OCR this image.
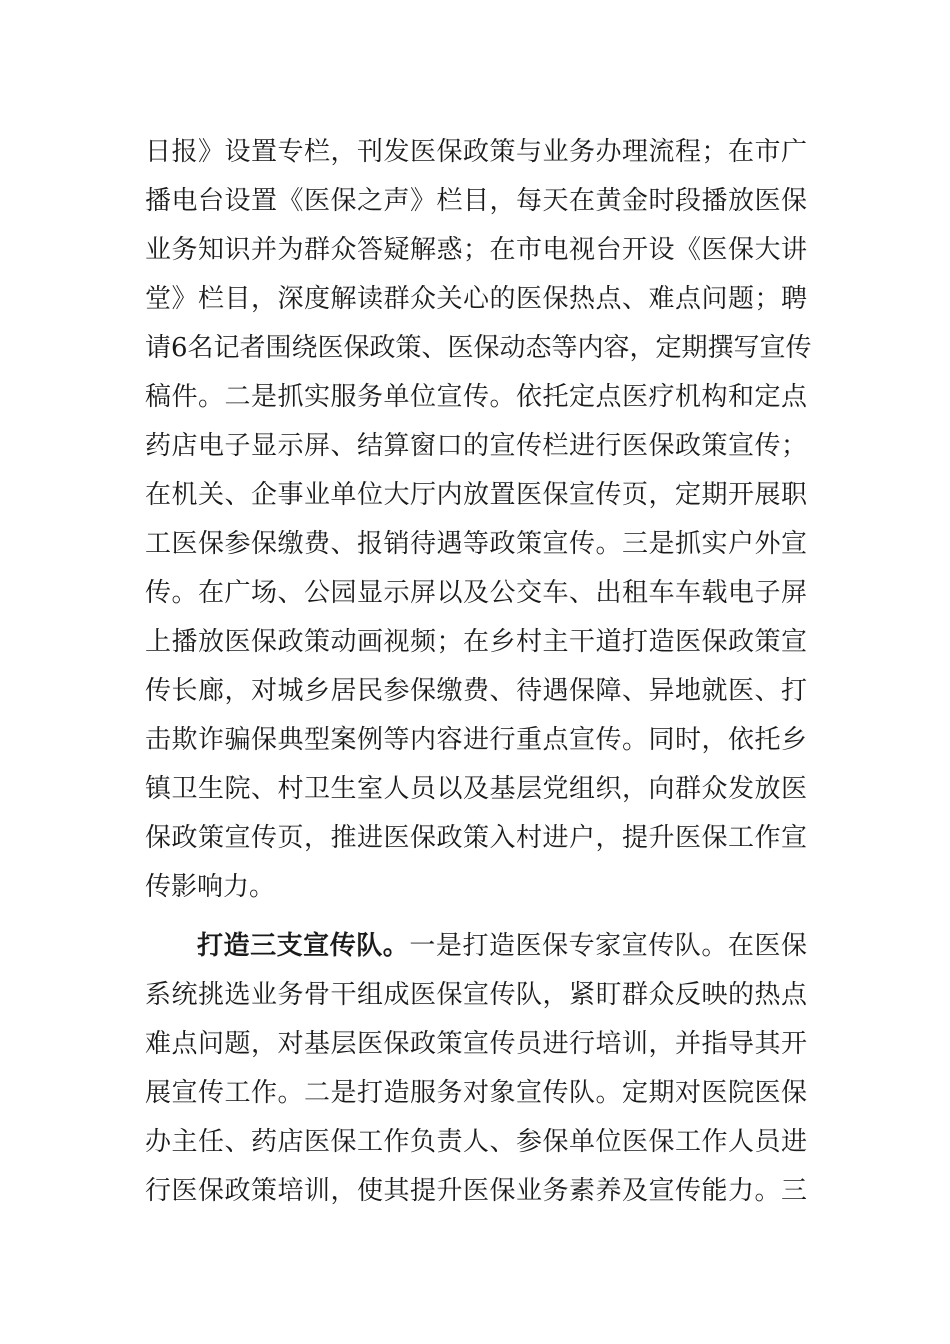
日报》设置专栏，刊发医保政策与业务办理流程；在市广
播电台设置《医保之声》栏目，每天在黄金时段播放医保
业务知识并为群众答疑解惑；在市电视台开设《医保大讲
堂》栏目，深度解读群众关心的医保热点、难点问题；聘
请6名记者围绕医保政策、医保动态等内容，定期撰写宣传
稿件。二是抓实服务单位宣传。依托定点医疗机构和定点
药店电子显示屏、结算窗口的宣传栏进行医保政策宣传；
在机关、企事业单位大厅内放置医保宣传页，定期开展职
工医保参保缴费、报销待遇等政策宣传。三是抓实户外宣
传。在广场、公园显示屏以及公交车、出租车车载电子屏
上播放医保政策动画视频；在乡村主干道打造医保政策宣
传长廊，对城乡居民参保缴费、待遇保障、异地就医、打
击欺诈骗保典型案例等内容进行重点宣传。同时，依托乡
镇卫生院、村卫生室人员以及基层党组织，向群众发放医
保政策宣传页，推进医保政策入村进户，提升医保工作宣
传影响力。
打造三支宣传队。一是打造医保专家宣传队。在医保
系统挑选业务骨干组成医保宣传队，紧盯群众反映的热点
难点问题，对基层医保政策宣传员进行培训，并指导其开
展宣传工作。二是打造服务对象宣传队。定期对医院医保
办主任、药店医保工作负责人、参保单位医保工作人员进
行医保政策培训，使其提升医保业务素养及宣传能力。三
